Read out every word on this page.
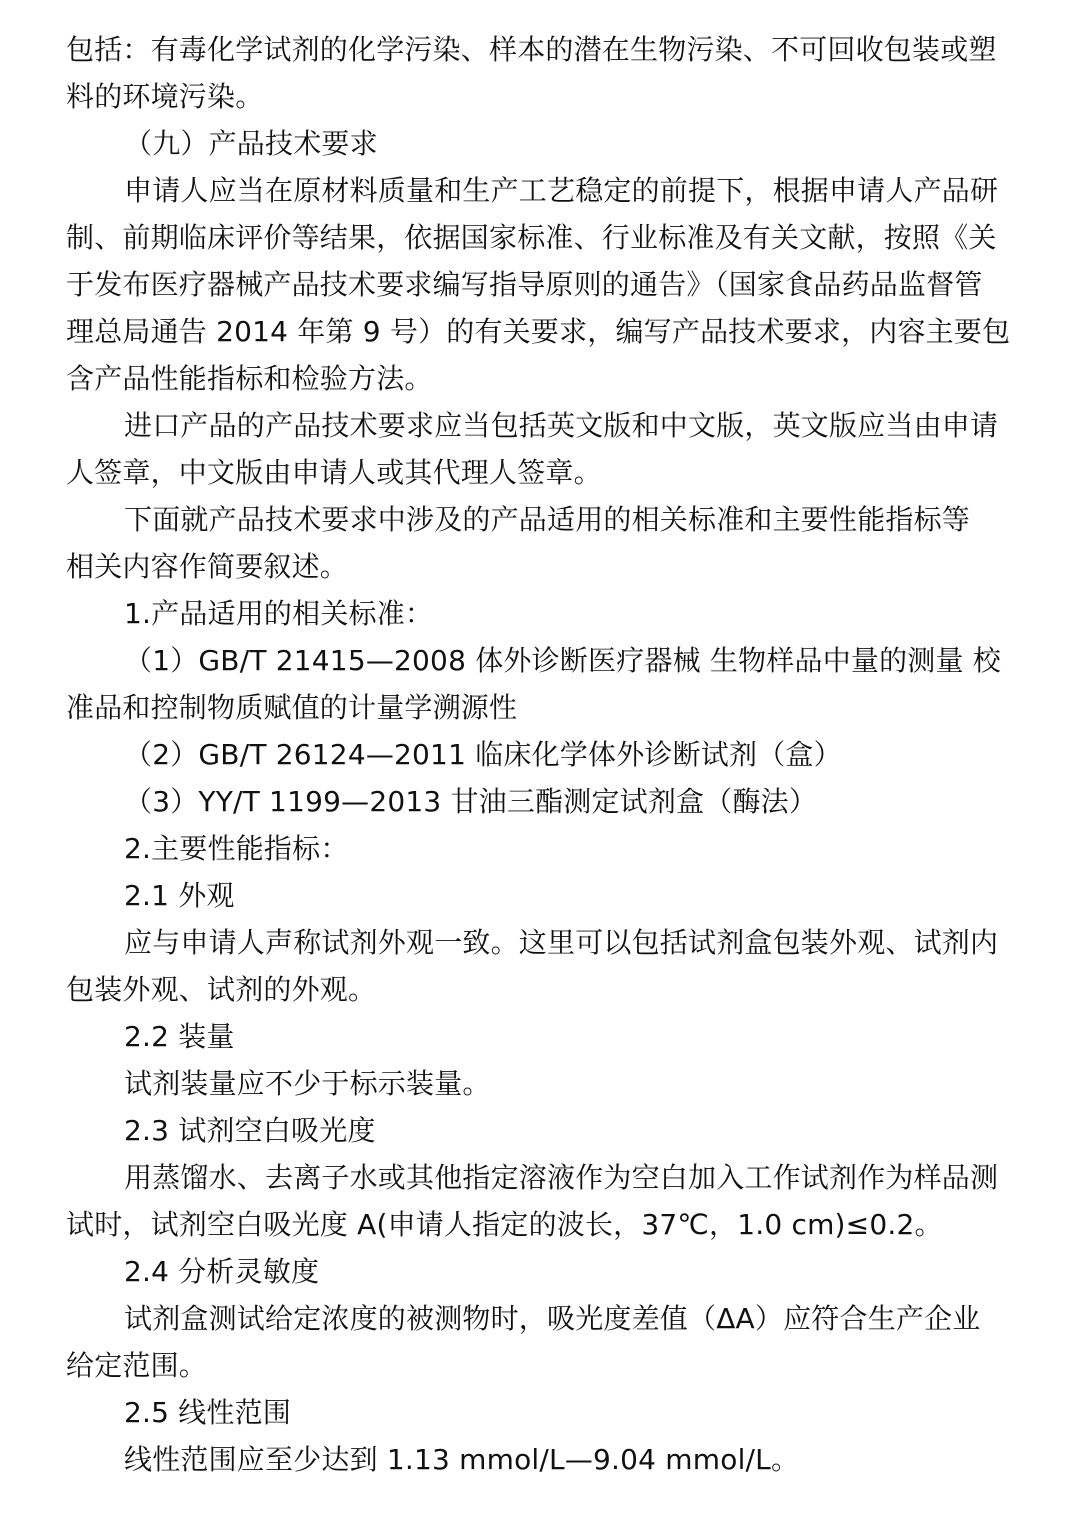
包括：有毒化学试剂的化学污染、样本的潜在生物污染、不可回收包装或塑
料的环境污染。
（九）产品技术要求
申请人应当在原材料质量和生产工艺稳定的前提下，根据申请人产品研
制、前期临床评价等结果，依据国家标准、行业标准及有关文献，按照《关
于发布医疗器械产品技术要求编写指导原则的通告》（国家食品药品监督管
理总局通告 2014 年第 9 号）的有关要求，编写产品技术要求，内容主要包
含产品性能指标和检验方法。
进口产品的产品技术要求应当包括英文版和中文版，英文版应当由申请
人签章，中文版由申请人或其代理人签章。
下面就产品技术要求中涉及的产品适用的相关标准和主要性能指标等
相关内容作简要叙述。
1.产品适用的相关标准：
（1）GB/T 21415—2008 体外诊断医疗器械 生物样品中量的测量 校
准品和控制物质赋值的计量学溯源性
（2）GB/T 26124—2011 临床化学体外诊断试剂（盒）
（3）YY/T 1199—2013 甘油三酯测定试剂盒（酶法）
2.主要性能指标：
2.1 外观
应与申请人声称试剂外观一致。这里可以包括试剂盒包装外观、试剂内
包装外观、试剂的外观。
2.2 装量
试剂装量应不少于标示装量。
2.3 试剂空白吸光度
用蒸馏水、去离子水或其他指定溶液作为空白加入工作试剂作为样品测
试时，试剂空白吸光度 A(申请人指定的波长，37℃，1.0 cm)≤0.2。
2.4 分析灵敏度
试剂盒测试给定浓度的被测物时，吸光度差值（ΔA）应符合生产企业
给定范围。
2.5 线性范围
线性范围应至少达到 1.13 mmol/L—9.04 mmol/L。
